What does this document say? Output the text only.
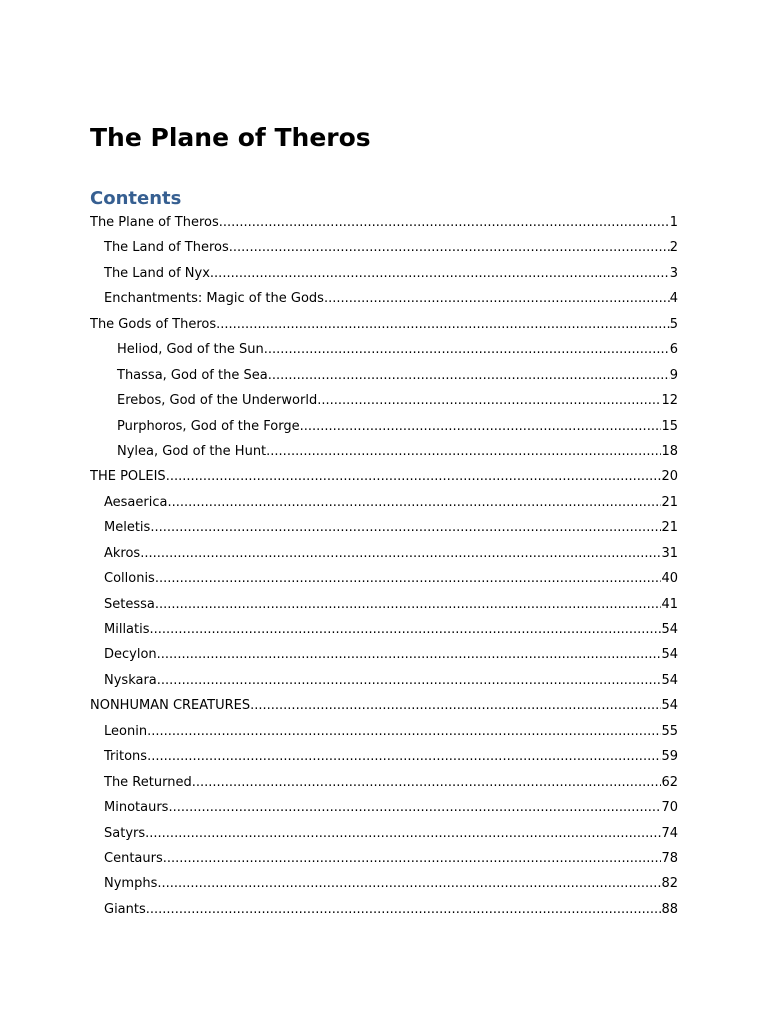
The Plane of Theros
Contents
The Plane of Theros .....	1
The Land of Theros .....	2
The Land of Nyx .....	3
Enchantments: Magic of the Gods .....	4
The Gods of Theros .....	5
Heliod, God of the Sun .....	6
Thassa, God of the Sea .....	9
Erebos, God of the Underworld .....	12
Purphoros, God of the Forge .....	15
Nylea, God of the Hunt .....	18
THE POLEIS .....	20
Aesaerica .....	21
Meletis .....	21
Akros .....	31
Collonis .....	40
Setessa .....	41
Millatis .....	54
Decylon .....	54
Nyskara .....	54
NONHUMAN CREATURES .....	54
Leonin .....	55
Tritons .....	59
The Returned .....	62
Minotaurs .....	70
Satyrs .....	74
Centaurs .....	78
Nymphs .....	82
Giants .....	88
